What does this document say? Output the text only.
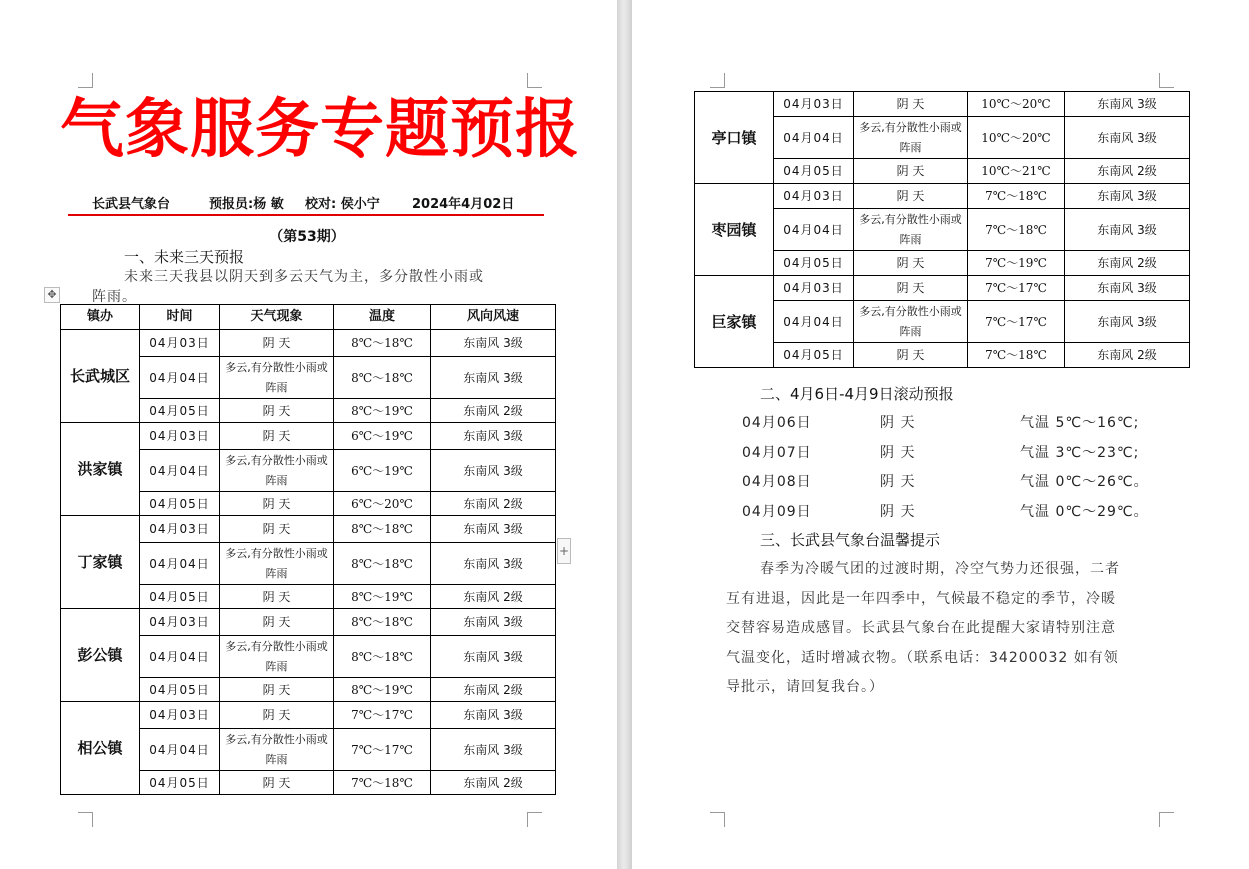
气象服务专题预报
长武县气象台	预报员:杨 敏 校对: 侯小宁 2024年4月02日
（第53期）
一、未来三天预报
未来三天我县以阴天到多云天气为主，多分散性小雨或
阵雨。
✥
镇办	时间	天气现象	温度	风向风速
长武城区	04月03日	阴 天	8℃～18℃	东南风 3级
	04月04日	多云,有分散性小雨或阵雨	8℃～18℃	东南风 3级
	04月05日	阴 天	8℃～19℃	东南风 2级
洪家镇	04月03日	阴 天	6℃～19℃	东南风 3级
	04月04日	多云,有分散性小雨或阵雨	6℃～19℃	东南风 3级
	04月05日	阴 天	6℃～20℃	东南风 2级
丁家镇	04月03日	阴 天	8℃～18℃	东南风 3级
	04月04日	多云,有分散性小雨或阵雨	8℃～18℃	东南风 3级
	04月05日	阴 天	8℃～19℃	东南风 2级
彭公镇	04月03日	阴 天	8℃～18℃	东南风 3级
	04月04日	多云,有分散性小雨或阵雨	8℃～18℃	东南风 3级
	04月05日	阴 天	8℃～19℃	东南风 2级
相公镇	04月03日	阴 天	7℃～17℃	东南风 3级
	04月04日	多云,有分散性小雨或阵雨	7℃～17℃	东南风 3级
	04月05日	阴 天	7℃～18℃	东南风 2级
+
亭口镇	04月03日	阴 天	10℃～20℃	东南风 3级
	04月04日	多云,有分散性小雨或阵雨	10℃～20℃	东南风 3级
	04月05日	阴 天	10℃～21℃	东南风 2级
枣园镇	04月03日	阴 天	7℃～18℃	东南风 3级
	04月04日	多云,有分散性小雨或阵雨	7℃～18℃	东南风 3级
	04月05日	阴 天	7℃～19℃	东南风 2级
巨家镇	04月03日	阴 天	7℃～17℃	东南风 3级
	04月04日	多云,有分散性小雨或阵雨	7℃～17℃	东南风 3级
	04月05日	阴 天	7℃～18℃	东南风 2级
二、4月6日-4月9日滚动预报
04月06日	阴 天	气温 5℃～16℃;
04月07日	阴 天	气温 3℃～23℃;
04月08日	阴 天	气温 0℃～26℃。
04月09日	阴 天	气温 0℃～29℃。
三、长武县气象台温馨提示
春季为冷暖气团的过渡时期，冷空气势力还很强，二者
互有进退，因此是一年四季中，气候最不稳定的季节，冷暖
交替容易造成感冒。长武县气象台在此提醒大家请特别注意
气温变化，适时增减衣物。（联系电话：34200032 如有领
导批示，请回复我台。）
